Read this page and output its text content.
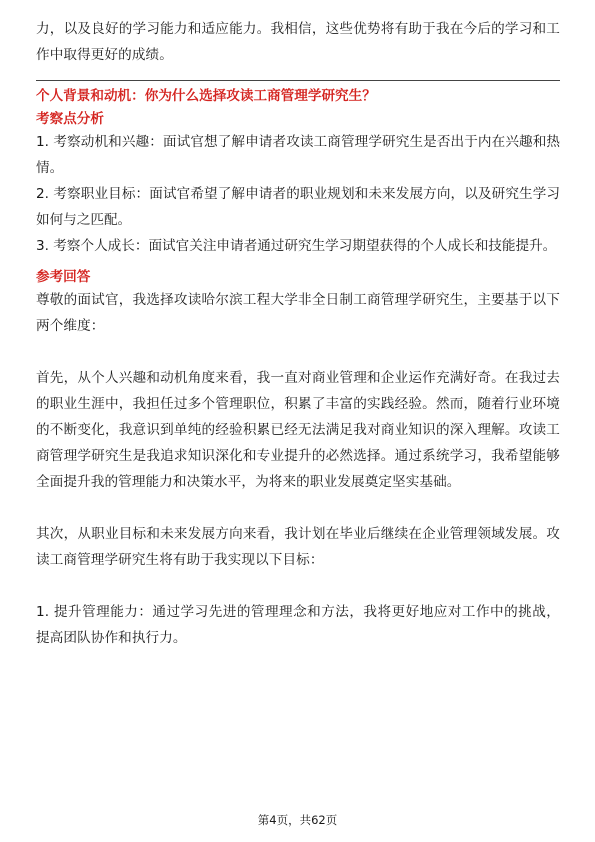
力，以及良好的学习能力和适应能力。我相信，这些优势将有助于我在今后的学习和工作中取得更好的成绩。

个人背景和动机：你为什么选择攻读工商管理学研究生？

考察点分析

1. 考察动机和兴趣：面试官想了解申请者攻读工商管理学研究生是否出于内在兴趣和热情。

2. 考察职业目标：面试官希望了解申请者的职业规划和未来发展方向，以及研究生学习如何与之匹配。

3. 考察个人成长：面试官关注申请者通过研究生学习期望获得的个人成长和技能提升。

参考回答

尊敬的面试官，我选择攻读哈尔滨工程大学非全日制工商管理学研究生，主要基于以下两个维度：

首先，从个人兴趣和动机角度来看，我一直对商业管理和企业运作充满好奇。在我过去的职业生涯中，我担任过多个管理职位，积累了丰富的实践经验。然而，随着行业环境的不断变化，我意识到单纯的经验积累已经无法满足我对商业知识的深入理解。攻读工商管理学研究生是我追求知识深化和专业提升的必然选择。通过系统学习，我希望能够全面提升我的管理能力和决策水平，为将来的职业发展奠定坚实基础。

其次，从职业目标和未来发展方向来看，我计划在毕业后继续在企业管理领域发展。攻读工商管理学研究生将有助于我实现以下目标：

1. 提升管理能力：通过学习先进的管理理念和方法，我将更好地应对工作中的挑战，提高团队协作和执行力。

第4页，共62页
